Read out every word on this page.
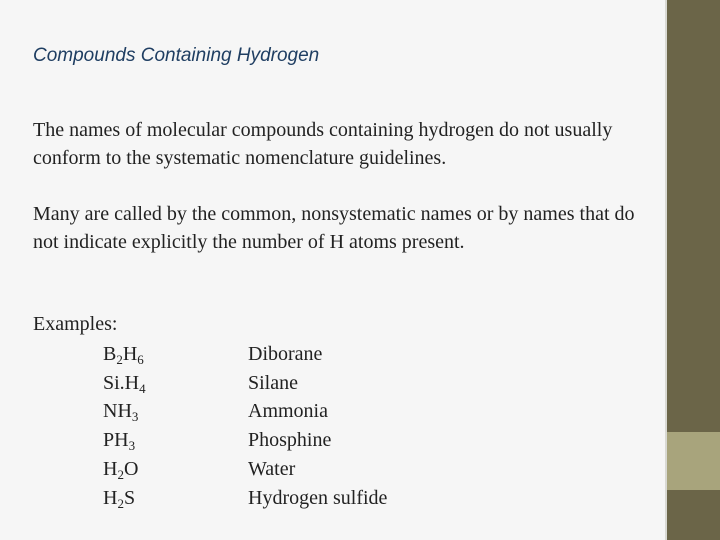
Compounds Containing Hydrogen
The names of molecular compounds containing hydrogen do not usually conform to the systematic nomenclature guidelines.
Many are called by the common, nonsystematic names or by names that do not indicate explicitly the number of H atoms present.
Examples:
$B_2H_6$	Diborane
$Si.H_4$	Silane
$NH_3$	Ammonia
$PH_3$	Phosphine
$H_2O$	Water
$H_2S$	Hydrogen sulfide
